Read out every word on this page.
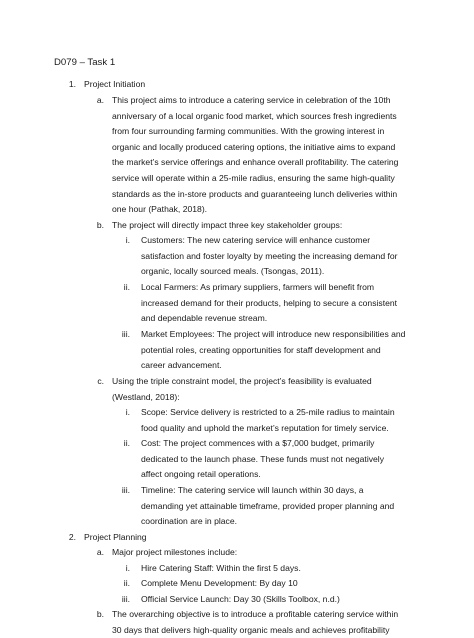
D079 – Task 1
1. Project Initiation
a. This project aims to introduce a catering service in celebration of the 10th
anniversary of a local organic food market, which sources fresh ingredients
from four surrounding farming communities. With the growing interest in
organic and locally produced catering options, the initiative aims to expand
the market’s service offerings and enhance overall profitability. The catering
service will operate within a 25-mile radius, ensuring the same high-quality
standards as the in-store products and guaranteeing lunch deliveries within
one hour (Pathak, 2018).
b. The project will directly impact three key stakeholder groups:
i. Customers: The new catering service will enhance customer
satisfaction and foster loyalty by meeting the increasing demand for
organic, locally sourced meals. (Tsongas, 2011).
ii. Local Farmers: As primary suppliers, farmers will benefit from
increased demand for their products, helping to secure a consistent
and dependable revenue stream.
iii. Market Employees: The project will introduce new responsibilities and
potential roles, creating opportunities for staff development and
career advancement.
c. Using the triple constraint model, the project’s feasibility is evaluated
(Westland, 2018):
i. Scope: Service delivery is restricted to a 25-mile radius to maintain
food quality and uphold the market’s reputation for timely service.
ii. Cost: The project commences with a $7,000 budget, primarily
dedicated to the launch phase. These funds must not negatively
affect ongoing retail operations.
iii. Timeline: The catering service will launch within 30 days, a
demanding yet attainable timeframe, provided proper planning and
coordination are in place.
2. Project Planning
a. Major project milestones include:
i. Hire Catering Staff: Within the first 5 days.
ii. Complete Menu Development: By day 10
iii. Official Service Launch: Day 30 (Skills Toolbox, n.d.)
b. The overarching objective is to introduce a profitable catering service within
30 days that delivers high-quality organic meals and achieves profitability
